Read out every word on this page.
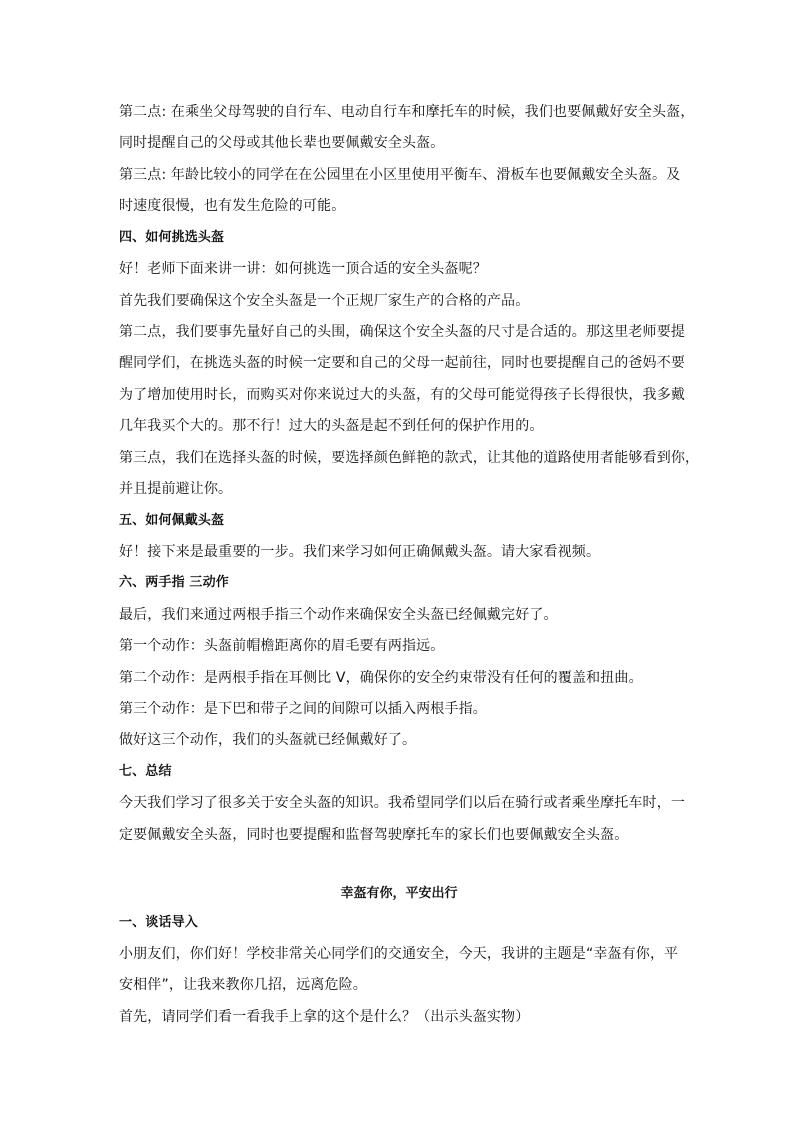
第二点: 在乘坐父母驾驶的自行车、电动自行车和摩托车的时候，我们也要佩戴好安全头盔，
同时提醒自己的父母或其他长辈也要佩戴安全头盔。
第三点: 年龄比较小的同学在在公园里在小区里使用平衡车、滑板车也要佩戴安全头盔。及
时速度很慢，也有发生危险的可能。
四、如何挑选头盔
好！老师下面来讲一讲：如何挑选一顶合适的安全头盔呢？
首先我们要确保这个安全头盔是一个正规厂家生产的合格的产品。
第二点，我们要事先量好自己的头围，确保这个安全头盔的尺寸是合适的。那这里老师要提
醒同学们，在挑选头盔的时候一定要和自己的父母一起前往，同时也要提醒自己的爸妈不要
为了增加使用时长，而购买对你来说过大的头盔，有的父母可能觉得孩子长得很快，我多戴
几年我买个大的。那不行！过大的头盔是起不到任何的保护作用的。
第三点，我们在选择头盔的时候，要选择颜色鲜艳的款式，让其他的道路使用者能够看到你，
并且提前避让你。
五、如何佩戴头盔
好！接下来是最重要的一步。我们来学习如何正确佩戴头盔。请大家看视频。
六、两手指 三动作
最后，我们来通过两根手指三个动作来确保安全头盔已经佩戴完好了。
第一个动作：头盔前帽檐距离你的眉毛要有两指远。
第二个动作：是两根手指在耳侧比 V，确保你的安全约束带没有任何的覆盖和扭曲。
第三个动作：是下巴和带子之间的间隙可以插入两根手指。
做好这三个动作，我们的头盔就已经佩戴好了。
七、总结
今天我们学习了很多关于安全头盔的知识。我希望同学们以后在骑行或者乘坐摩托车时，一
定要佩戴安全头盔，同时也要提醒和监督驾驶摩托车的家长们也要佩戴安全头盔。
幸盔有你，平安出行
一、谈话导入
小朋友们，你们好！学校非常关心同学们的交通安全，今天，我讲的主题是“幸盔有你，平
安相伴”，让我来教你几招，远离危险。
首先，请同学们看一看我手上拿的这个是什么？（出示头盔实物）
